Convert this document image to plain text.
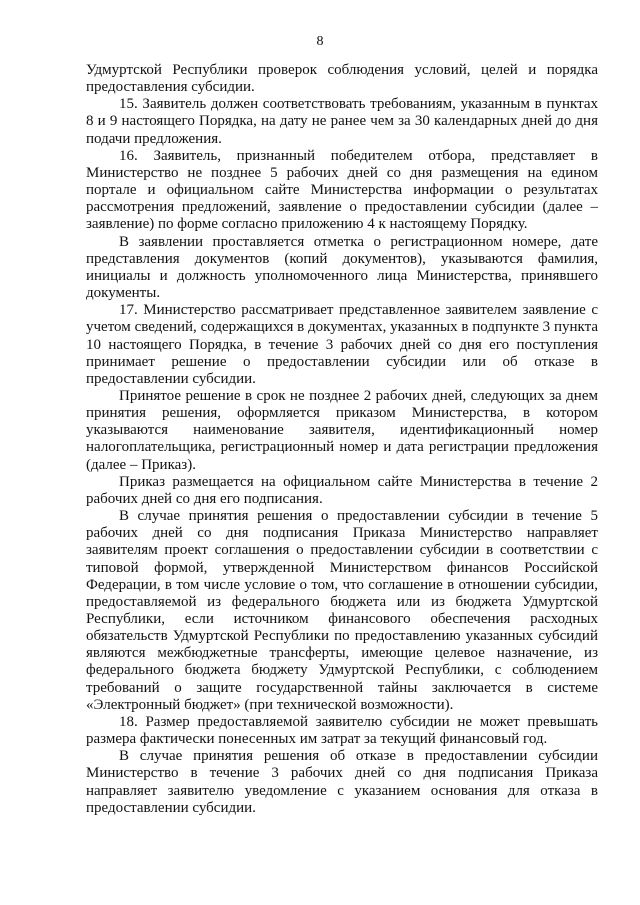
8

Удмуртской Республики проверок соблюдения условий, целей и порядка предоставления субсидии.

15. Заявитель должен соответствовать требованиям, указанным в пунктах 8 и 9 настоящего Порядка, на дату не ранее чем за 30 календарных дней до дня подачи предложения.

16. Заявитель, признанный победителем отбора, представляет в Министерство не позднее 5 рабочих дней со дня размещения на едином портале и официальном сайте Министерства информации о результатах рассмотрения предложений, заявление о предоставлении субсидии (далее – заявление) по форме согласно приложению 4 к настоящему Порядку.

В заявлении проставляется отметка о регистрационном номере, дате представления документов (копий документов), указываются фамилия, инициалы и должность уполномоченного лица Министерства, принявшего документы.

17. Министерство рассматривает представленное заявителем заявление с учетом сведений, содержащихся в документах, указанных в подпункте 3 пункта 10 настоящего Порядка, в течение 3 рабочих дней со дня его поступления принимает решение о предоставлении субсидии или об отказе в предоставлении субсидии.

Принятое решение в срок не позднее 2 рабочих дней, следующих за днем принятия решения, оформляется приказом Министерства, в котором указываются наименование заявителя, идентификационный номер налогоплательщика, регистрационный номер и дата регистрации предложения (далее – Приказ).

Приказ размещается на официальном сайте Министерства в течение 2 рабочих дней со дня его подписания.

В случае принятия решения о предоставлении субсидии в течение 5 рабочих дней со дня подписания Приказа Министерство направляет заявителям проект соглашения о предоставлении субсидии в соответствии с типовой формой, утвержденной Министерством финансов Российской Федерации, в том числе условие о том, что соглашение в отношении субсидии, предоставляемой из федерального бюджета или из бюджета Удмуртской Республики, если источником финансового обеспечения расходных обязательств Удмуртской Республики по предоставлению указанных субсидий являются межбюджетные трансферты, имеющие целевое назначение, из федерального бюджета бюджету Удмуртской Республики, с соблюдением требований о защите государственной тайны заключается в системе «Электронный бюджет» (при технической возможности).

18. Размер предоставляемой заявителю субсидии не может превышать размера фактически понесенных им затрат за текущий финансовый год.

В случае принятия решения об отказе в предоставлении субсидии Министерство в течение 3 рабочих дней со дня подписания Приказа направляет заявителю уведомление с указанием основания для отказа в предоставлении субсидии.
